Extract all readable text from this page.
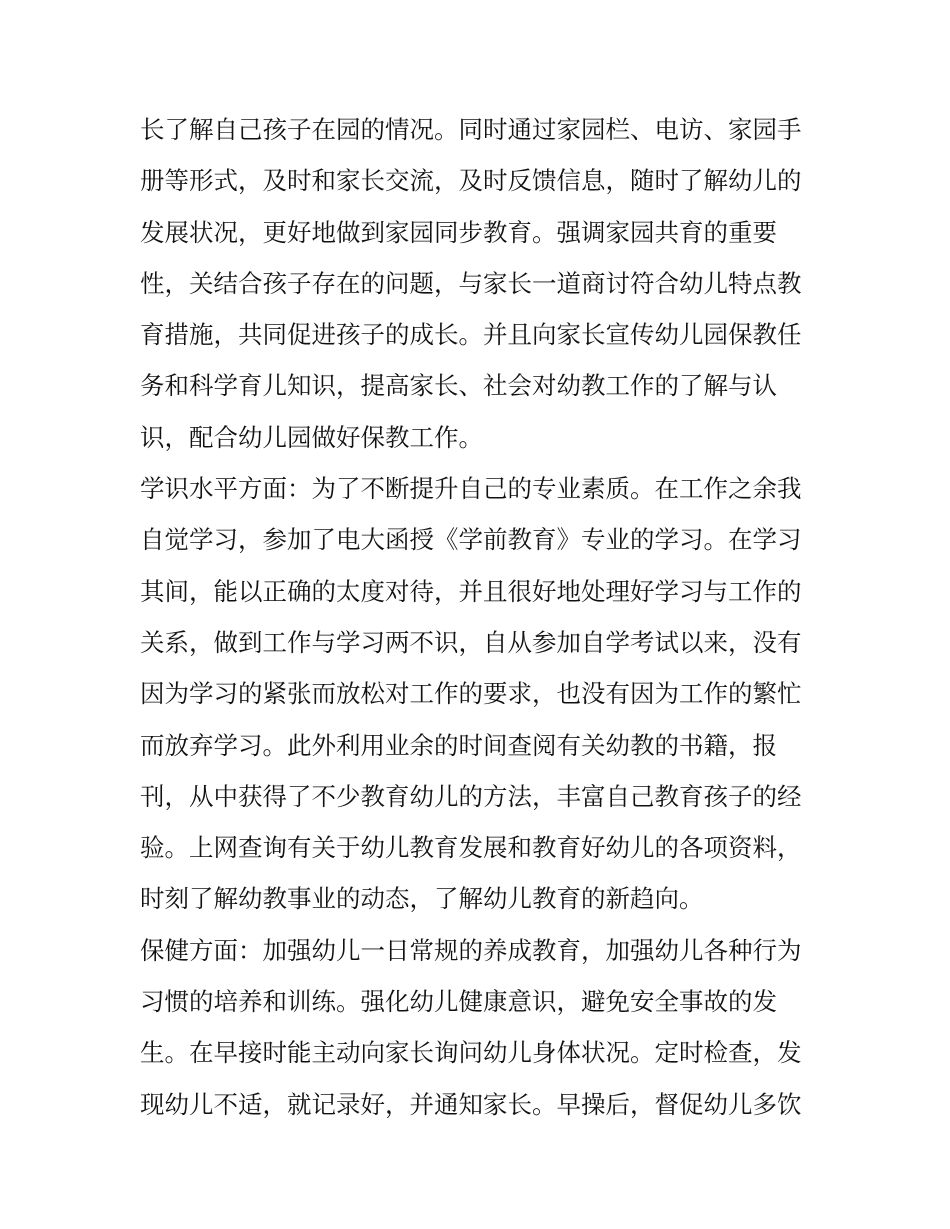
长了解自己孩子在园的情况。同时通过家园栏、电访、家园手
册等形式，及时和家长交流，及时反馈信息，随时了解幼儿的
发展状况，更好地做到家园同步教育。强调家园共育的重要
性，关结合孩子存在的问题，与家长一道商讨符合幼儿特点教
育措施，共同促进孩子的成长。并且向家长宣传幼儿园保教任
务和科学育儿知识，提高家长、社会对幼教工作的了解与认
识，配合幼儿园做好保教工作。
学识水平方面：为了不断提升自己的专业素质。在工作之余我
自觉学习，参加了电大函授《学前教育》专业的学习。在学习
其间，能以正确的太度对待，并且很好地处理好学习与工作的
关系，做到工作与学习两不识，自从参加自学考试以来，没有
因为学习的紧张而放松对工作的要求，也没有因为工作的繁忙
而放弃学习。此外利用业余的时间查阅有关幼教的书籍，报
刊，从中获得了不少教育幼儿的方法，丰富自己教育孩子的经
验。上网查询有关于幼儿教育发展和教育好幼儿的各项资料，
时刻了解幼教事业的动态，了解幼儿教育的新趋向。
保健方面：加强幼儿一日常规的养成教育，加强幼儿各种行为
习惯的培养和训练。强化幼儿健康意识，避免安全事故的发
生。在早接时能主动向家长询问幼儿身体状况。定时检查，发
现幼儿不适，就记录好，并通知家长。早操后，督促幼儿多饮
